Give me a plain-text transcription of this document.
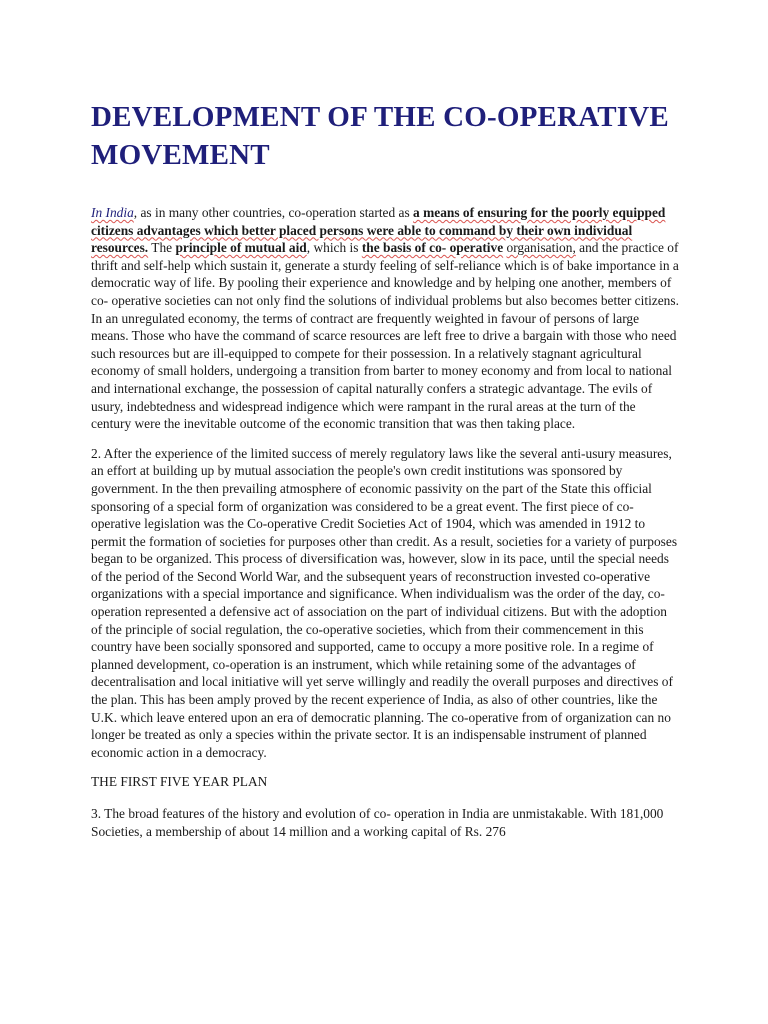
DEVELOPMENT OF THE CO-OPERATIVE MOVEMENT

In India, as in many other countries, co-operation started as a means of ensuring for the poorly equipped citizens advantages which better placed persons were able to command by their own individual resources. The principle of mutual aid, which is the basis of co- operative organisation, and the practice of thrift and self-help which sustain it, generate a sturdy feeling of self-reliance which is of bake importance in a democratic way of life. By pooling their experience and knowledge and by helping one another, members of co- operative societies can not only find the solutions of individual problems but also becomes better citizens. In an unregulated economy, the terms of contract are frequently weighted in favour of persons of large means. Those who have the command of scarce resources are left free to drive a bargain with those who need such resources but are ill-equipped to compete for their possession. In a relatively stagnant agricultural economy of small holders, undergoing a transition from barter to money economy and from local to national and international exchange, the possession of capital naturally confers a strategic advantage. The evils of usury, indebtedness and widespread indigence which were rampant in the rural areas at the turn of the century were the inevitable outcome of the economic transition that was then taking place.

2. After the experience of the limited success of merely regulatory laws like the several anti-usury measures, an effort at building up by mutual association the people's own credit institutions was sponsored by government. In the then prevailing atmosphere of economic passivity on the part of the State this official sponsoring of a special form of organization was considered to be a great event. The first piece of co-operative legislation was the Co-operative Credit Societies Act of 1904, which was amended in 1912 to permit the formation of societies for purposes other than credit. As a result, societies for a variety of purposes began to be organized. This process of diversification was, however, slow in its pace, until the special needs of the period of the Second World War, and the subsequent years of reconstruction invested co-operative organizations with a special importance and significance. When individualism was the order of the day, co-operation represented a defensive act of association on the part of individual citizens. But with the adoption of the principle of social regulation, the co-operative societies, which from their commencement in this country have been socially sponsored and supported, came to occupy a more positive role. In a regime of planned development, co-operation is an instrument, which while retaining some of the advantages of decentralisation and local initiative will yet serve willingly and readily the overall purposes and directives of the plan. This has been amply proved by the recent experience of India, as also of other countries, like the U.K. which leave entered upon an era of democratic planning. The co-operative from of organization can no longer be treated as only a species within the private sector. It is an indispensable instrument of planned economic action in a democracy.

THE FIRST FIVE YEAR PLAN

3. The broad features of the history and evolution of co- operation in India are unmistakable. With 181,000 Societies, a membership of about 14 million and a working capital of Rs. 276
